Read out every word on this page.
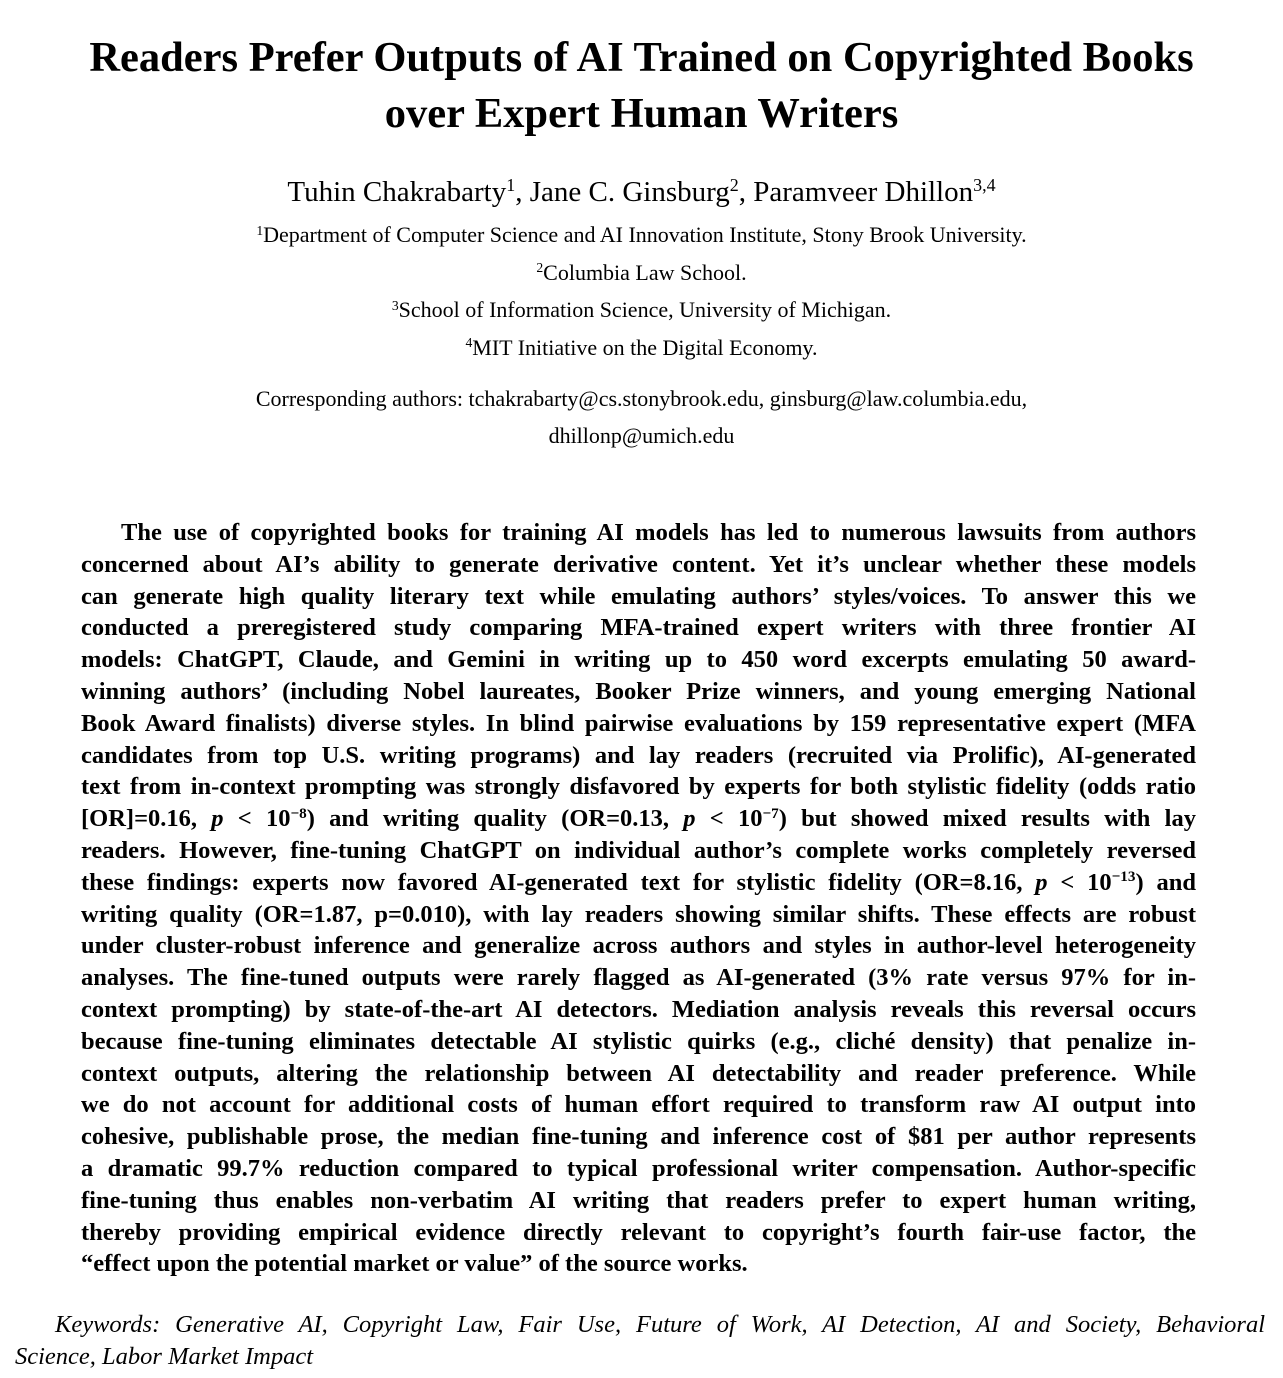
Readers Prefer Outputs of AI Trained on Copyrighted Books
over Expert Human Writers
Tuhin Chakrabarty$^1$, Jane C. Ginsburg$^2$, Paramveer Dhillon$^{3,4}$
$^1$Department of Computer Science and AI Innovation Institute, Stony Brook University.
$^2$Columbia Law School.
$^3$School of Information Science, University of Michigan.
$^4$MIT Initiative on the Digital Economy.
Corresponding authors: tchakrabarty@cs.stonybrook.edu, ginsburg@law.columbia.edu,
dhillonp@umich.edu
The use of copyrighted books for training AI models has led to numerous lawsuits from authors
concerned about AI’s ability to generate derivative content. Yet it’s unclear whether these models
can generate high quality literary text while emulating authors’ styles/voices. To answer this we
conducted a preregistered study comparing MFA-trained expert writers with three frontier AI
models: ChatGPT, Claude, and Gemini in writing up to 450 word excerpts emulating 50 award-
winning authors’ (including Nobel laureates, Booker Prize winners, and young emerging National
Book Award finalists) diverse styles. In blind pairwise evaluations by 159 representative expert (MFA
candidates from top U.S. writing programs) and lay readers (recruited via Prolific), AI-generated
text from in-context prompting was strongly disfavored by experts for both stylistic fidelity (odds ratio
[OR]=0.16, $p < 10^{-8}$) and writing quality (OR=0.13, $p < 10^{-7}$) but showed mixed results with lay
readers. However, fine-tuning ChatGPT on individual author’s complete works completely reversed
these findings: experts now favored AI-generated text for stylistic fidelity (OR=8.16, $p < 10^{-13}$) and
writing quality (OR=1.87, p=0.010), with lay readers showing similar shifts. These effects are robust
under cluster-robust inference and generalize across authors and styles in author-level heterogeneity
analyses. The fine-tuned outputs were rarely flagged as AI-generated (3% rate versus 97% for in-
context prompting) by state-of-the-art AI detectors. Mediation analysis reveals this reversal occurs
because fine-tuning eliminates detectable AI stylistic quirks (e.g., cliché density) that penalize in-
context outputs, altering the relationship between AI detectability and reader preference. While
we do not account for additional costs of human effort required to transform raw AI output into
cohesive, publishable prose, the median fine-tuning and inference cost of $81 per author represents
a dramatic 99.7% reduction compared to typical professional writer compensation. Author-specific
fine-tuning thus enables non-verbatim AI writing that readers prefer to expert human writing,
thereby providing empirical evidence directly relevant to copyright’s fourth fair-use factor, the
“effect upon the potential market or value” of the source works.
Keywords: Generative AI, Copyright Law, Fair Use, Future of Work, AI Detection, AI and Society, Behavioral
Science, Labor Market Impact
